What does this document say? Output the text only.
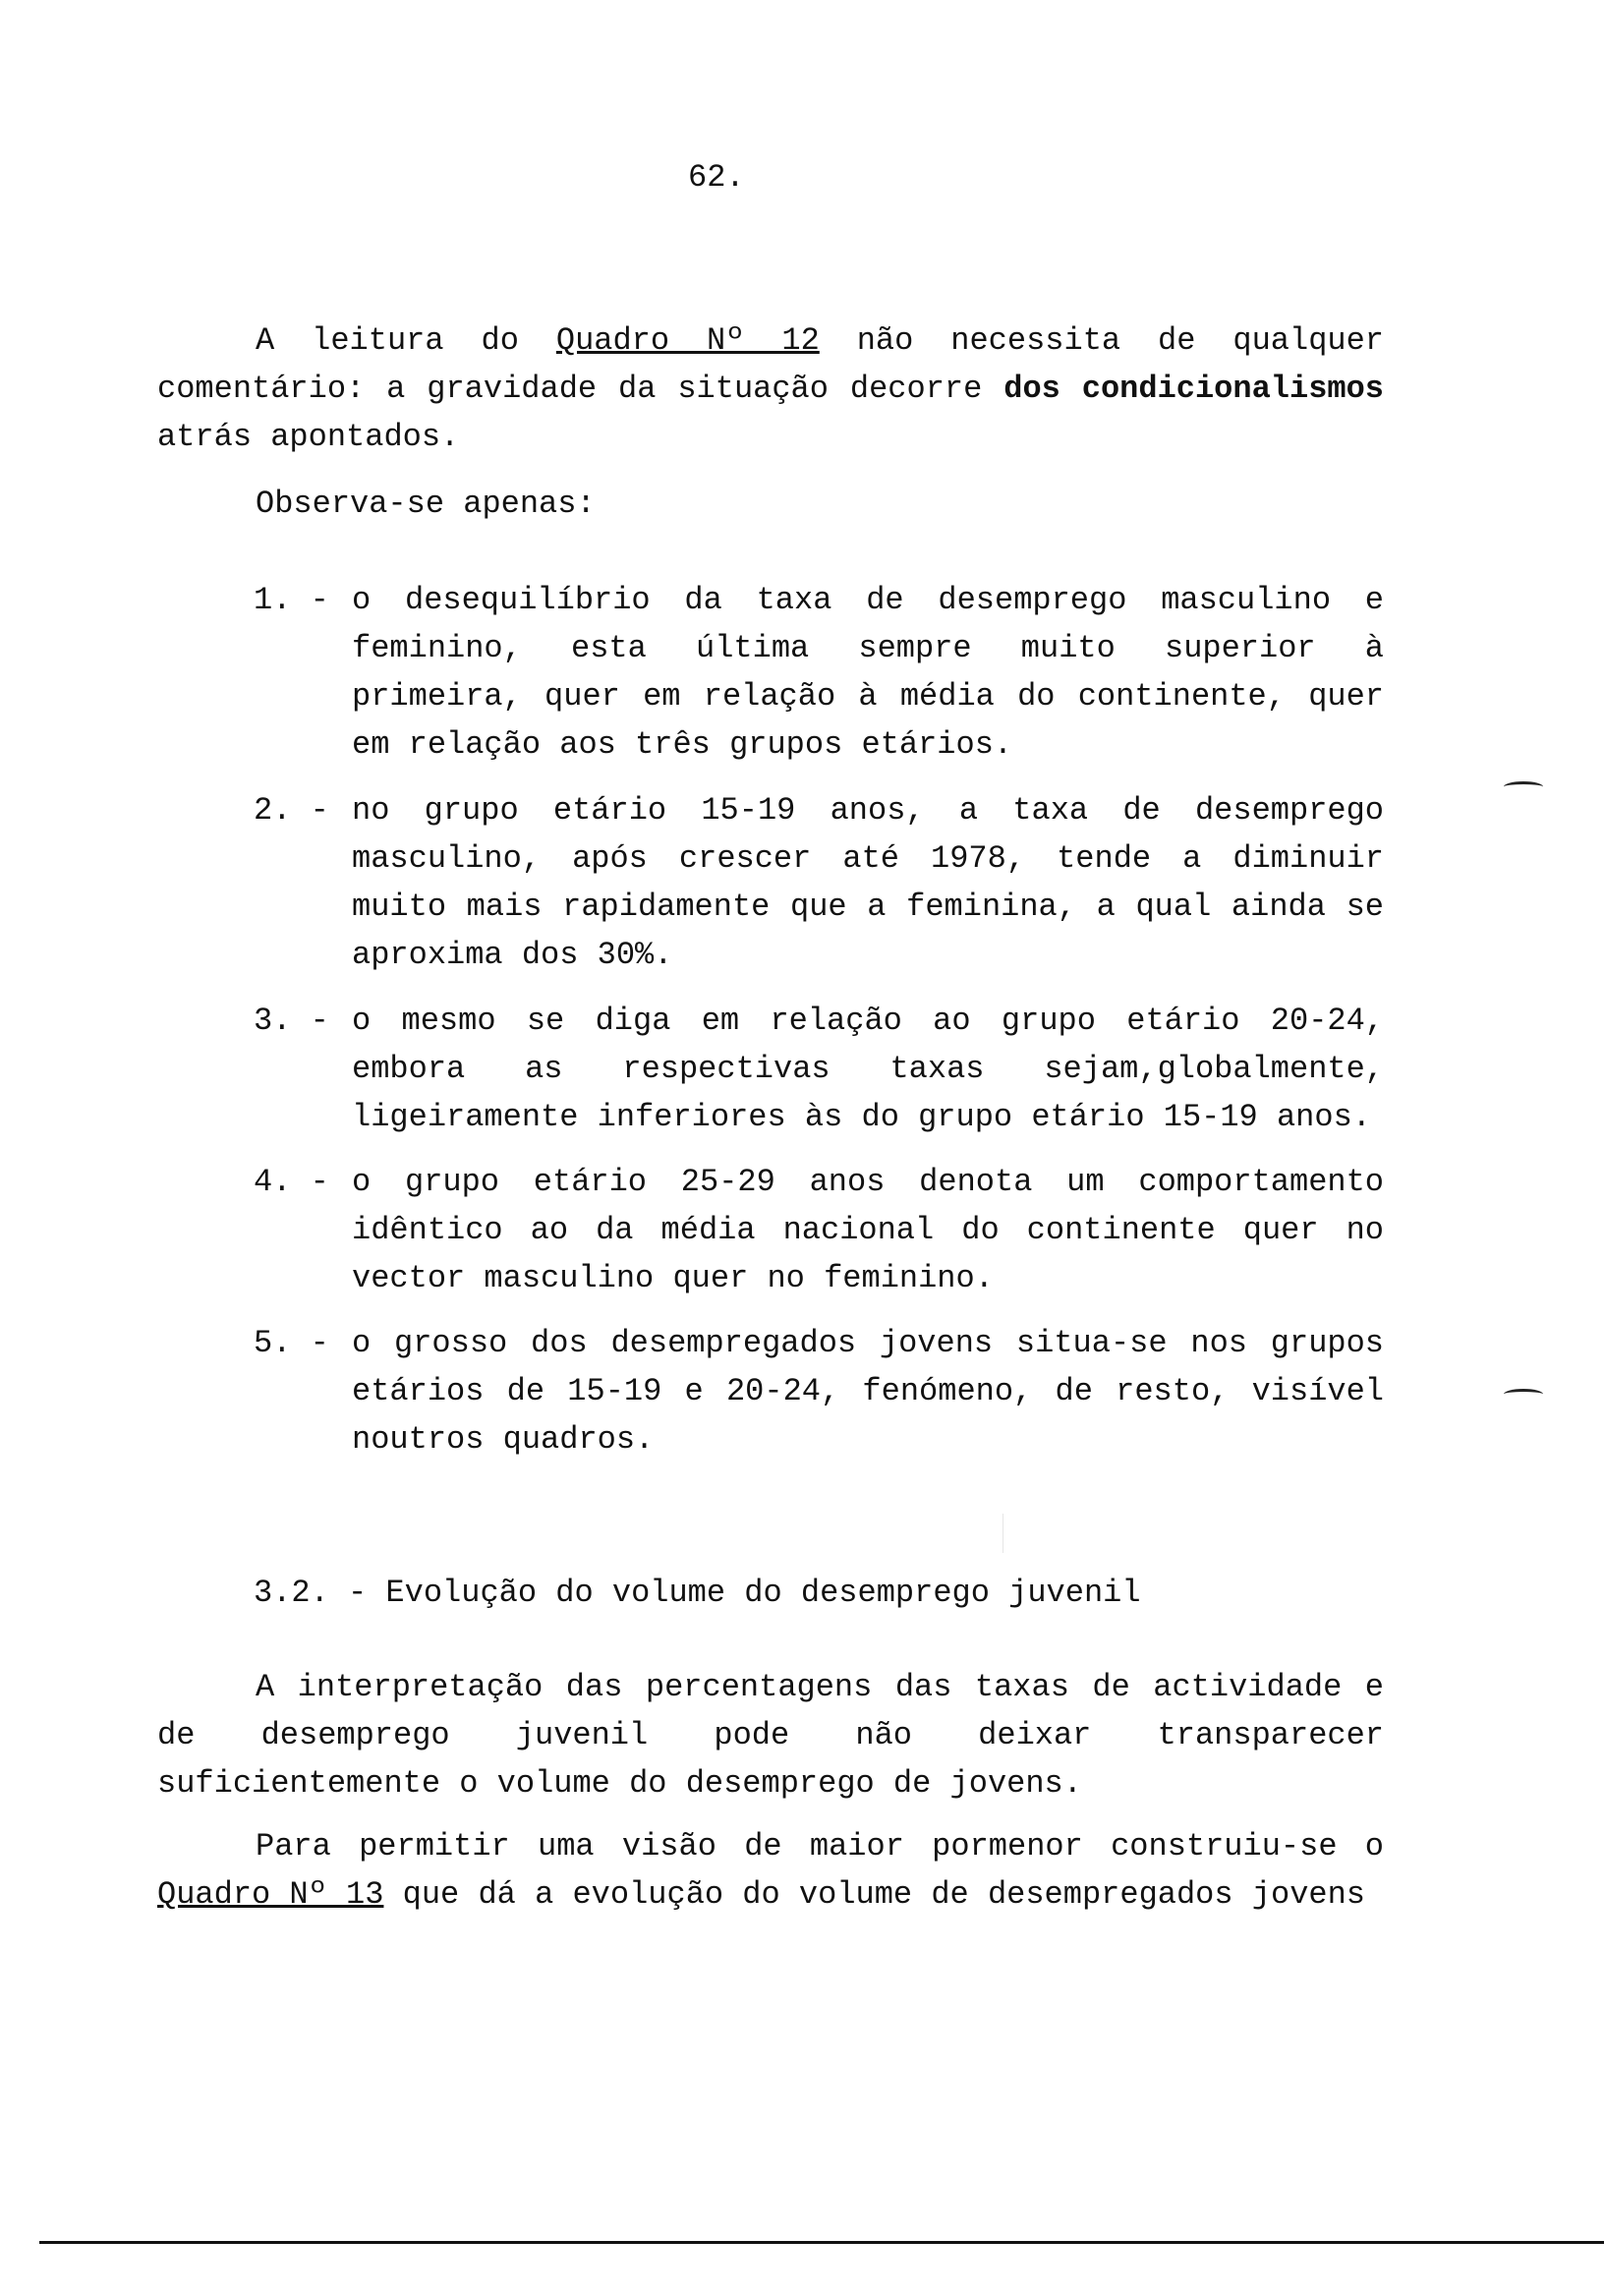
62.
A leitura do Quadro Nº 12 não necessita de qualquer comentário: a gravidade da situação decorre dos condicionalismos atrás apontados.
Observa-se apenas:
1. - o desequilíbrio da taxa de desemprego masculino e feminino, esta última sempre muito superior à primeira, quer em relação à média do continente, quer em relação aos três grupos etários.
2. - no grupo etário 15-19 anos, a taxa de desemprego masculino, após crescer até 1978, tende a diminuir muito mais rapidamente que a feminina, a qual ainda se aproxima dos 30%.
3. - o mesmo se diga em relação ao grupo etário 20-24, embora as respectivas taxas sejam,globalmente, ligeiramente inferiores às do grupo etário 15-19 anos.
4. - o grupo etário 25-29 anos denota um comportamento idêntico ao da média nacional do continente quer no vector masculino quer no feminino.
5. - o grosso dos desempregados jovens situa-se nos grupos etários de 15-19 e 20-24, fenómeno, de resto, visível noutros quadros.
3.2. - Evolução do volume do desemprego juvenil
A interpretação das percentagens das taxas de actividade e de desemprego juvenil pode não deixar transparecer suficientemente o volume do desemprego de jovens.
Para permitir uma visão de maior pormenor construiu-se o Quadro Nº 13 que dá a evolução do volume de desempregados jovens
